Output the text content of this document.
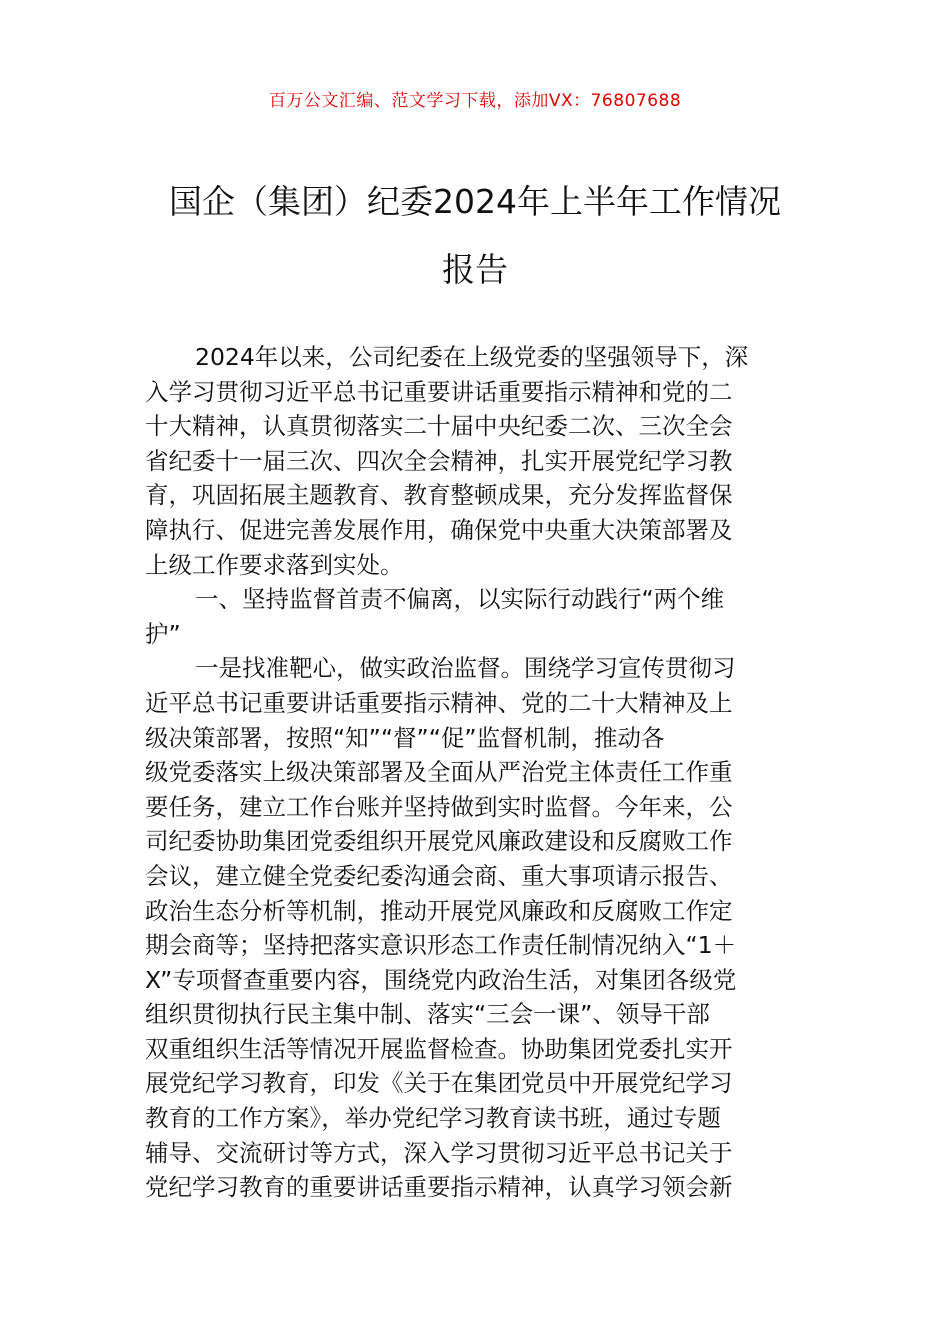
百万公文汇编、范文学习下载，添加VX：76807688
国企（集团）纪委2024年上半年工作情况
报告
2024年以来，公司纪委在上级党委的坚强领导下，深
入学习贯彻习近平总书记重要讲话重要指示精神和党的二
十大精神，认真贯彻落实二十届中央纪委二次、三次全会
省纪委十一届三次、四次全会精神，扎实开展党纪学习教
育，巩固拓展主题教育、教育整顿成果，充分发挥监督保
障执行、促进完善发展作用，确保党中央重大决策部署及
上级工作要求落到实处。
一、坚持监督首责不偏离，以实际行动践行“两个维
护”
一是找准靶心，做实政治监督。围绕学习宣传贯彻习
近平总书记重要讲话重要指示精神、党的二十大精神及上
级决策部署，按照“知”“督”“促”监督机制，推动各
级党委落实上级决策部署及全面从严治党主体责任工作重
要任务，建立工作台账并坚持做到实时监督。今年来，公
司纪委协助集团党委组织开展党风廉政建设和反腐败工作
会议，建立健全党委纪委沟通会商、重大事项请示报告、
政治生态分析等机制，推动开展党风廉政和反腐败工作定
期会商等；坚持把落实意识形态工作责任制情况纳入“1＋
X”专项督查重要内容，围绕党内政治生活，对集团各级党
组织贯彻执行民主集中制、落实“三会一课”、领导干部
双重组织生活等情况开展监督检查。协助集团党委扎实开
展党纪学习教育，印发《关于在集团党员中开展党纪学习
教育的工作方案》，举办党纪学习教育读书班，通过专题
辅导、交流研讨等方式，深入学习贯彻习近平总书记关于
党纪学习教育的重要讲话重要指示精神，认真学习领会新
